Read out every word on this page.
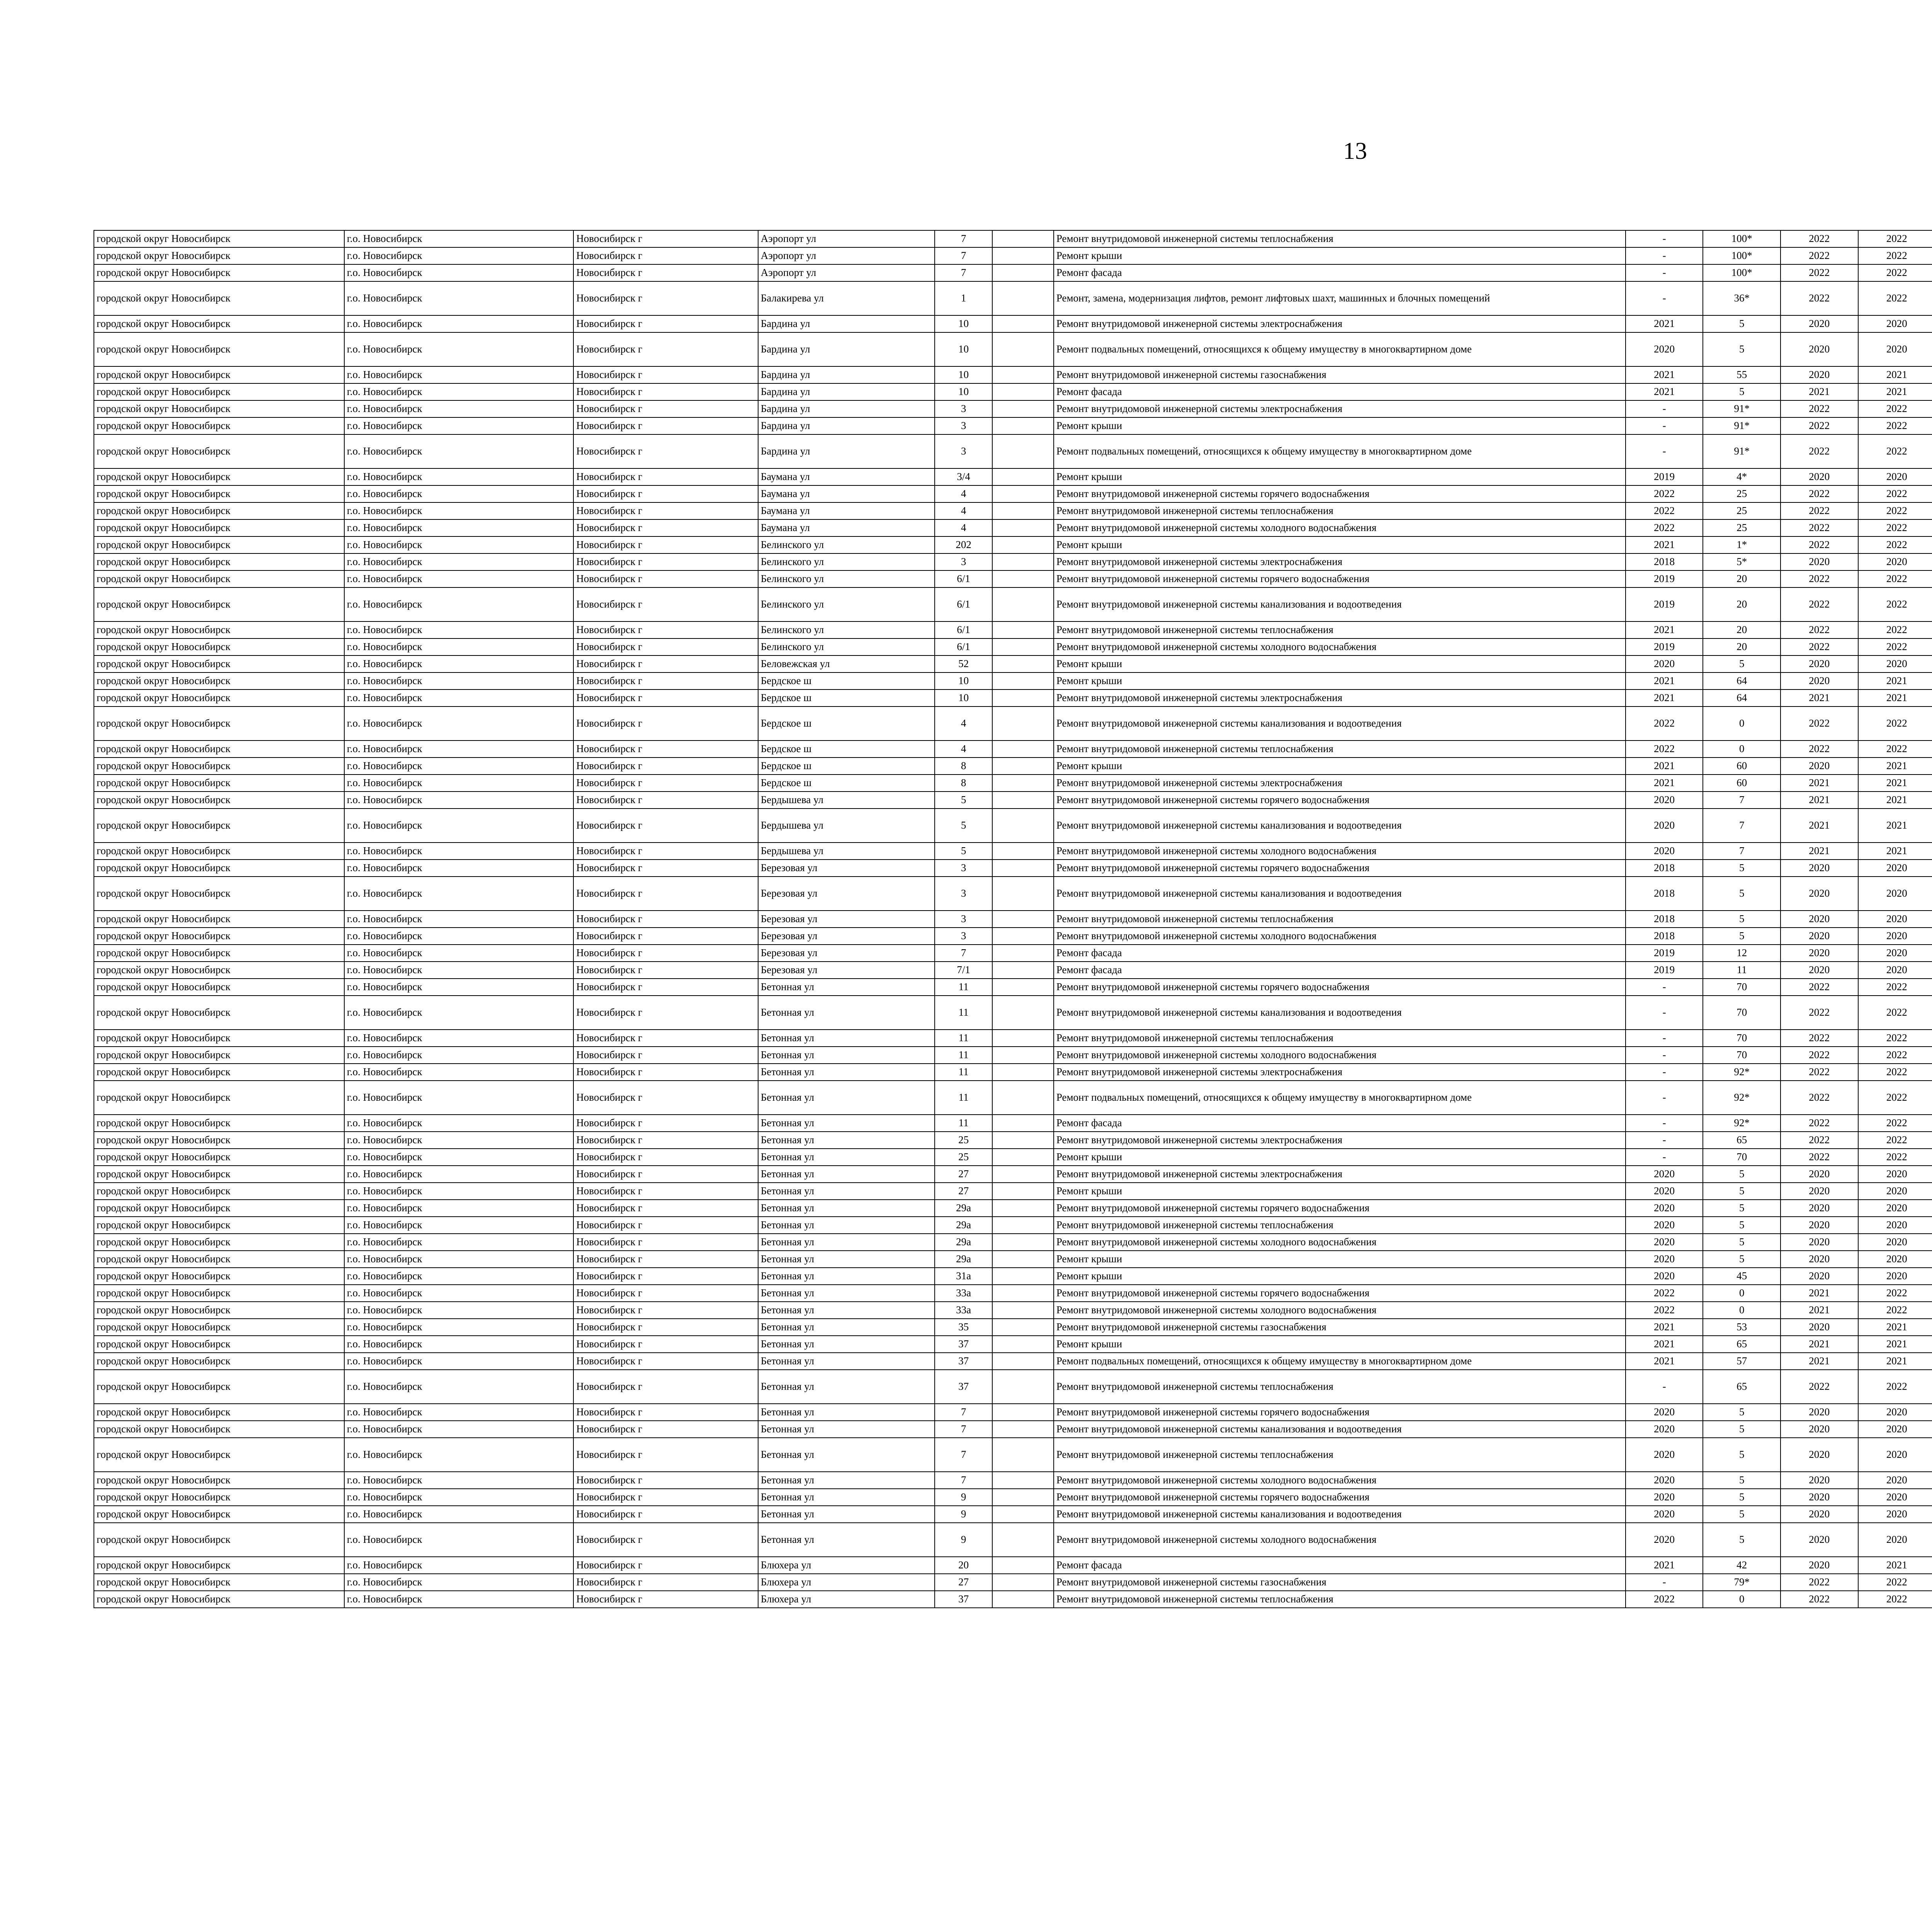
13
городской округ Новосибирск	г.о. Новосибирск	Новосибирск г	Аэропорт ул	7			Ремонт внутридомовой инженерной системы теплоснабжения	-	100*	2022	2022					
городской округ Новосибирск	г.о. Новосибирск	Новосибирск г	Аэропорт ул	7			Ремонт крыши	-	100*	2022	2022					
городской округ Новосибирск	г.о. Новосибирск	Новосибирск г	Аэропорт ул	7			Ремонт фасада	-	100*	2022	2022					
городской округ Новосибирск	г.о. Новосибирск	Новосибирск г	Балакирева ул	1			Ремонт, замена, модернизация лифтов, ремонт лифтовых шахт, машинных и блочных помещений	-	36*	2022	2022					
городской округ Новосибирск	г.о. Новосибирск	Новосибирск г	Бардина ул	10			Ремонт внутридомовой инженерной системы электроснабжения	2021	5	2020	2020					
городской округ Новосибирск	г.о. Новосибирск	Новосибирск г	Бардина ул	10			Ремонт подвальных помещений, относящихся к общему имуществу в многоквартирном доме	2020	5	2020	2020					
городской округ Новосибирск	г.о. Новосибирск	Новосибирск г	Бардина ул	10			Ремонт внутридомовой инженерной системы газоснабжения	2021	55	2020	2021					
городской округ Новосибирск	г.о. Новосибирск	Новосибирск г	Бардина ул	10			Ремонт фасада	2021	5	2021	2021					
городской округ Новосибирск	г.о. Новосибирск	Новосибирск г	Бардина ул	3			Ремонт внутридомовой инженерной системы электроснабжения	-	91*	2022	2022					
городской округ Новосибирск	г.о. Новосибирск	Новосибирск г	Бардина ул	3			Ремонт крыши	-	91*	2022	2022					
городской округ Новосибирск	г.о. Новосибирск	Новосибирск г	Бардина ул	3			Ремонт подвальных помещений, относящихся к общему имуществу в многоквартирном доме	-	91*	2022	2022					
городской округ Новосибирск	г.о. Новосибирск	Новосибирск г	Баумана ул	3/4			Ремонт крыши	2019	4*	2020	2020					
городской округ Новосибирск	г.о. Новосибирск	Новосибирск г	Баумана ул	4			Ремонт внутридомовой инженерной системы горячего водоснабжения	2022	25	2022	2022					
городской округ Новосибирск	г.о. Новосибирск	Новосибирск г	Баумана ул	4			Ремонт внутридомовой инженерной системы теплоснабжения	2022	25	2022	2022					
городской округ Новосибирск	г.о. Новосибирск	Новосибирск г	Баумана ул	4			Ремонт внутридомовой инженерной системы холодного водоснабжения	2022	25	2022	2022					
городской округ Новосибирск	г.о. Новосибирск	Новосибирск г	Белинского ул	202			Ремонт крыши	2021	1*	2022	2022					
городской округ Новосибирск	г.о. Новосибирск	Новосибирск г	Белинского ул	3			Ремонт внутридомовой инженерной системы электроснабжения	2018	5*	2020	2020					
городской округ Новосибирск	г.о. Новосибирск	Новосибирск г	Белинского ул	6/1			Ремонт внутридомовой инженерной системы горячего водоснабжения	2019	20	2022	2022					
городской округ Новосибирск	г.о. Новосибирск	Новосибирск г	Белинского ул	6/1			Ремонт внутридомовой инженерной системы канализования и водоотведения	2019	20	2022	2022					
городской округ Новосибирск	г.о. Новосибирск	Новосибирск г	Белинского ул	6/1			Ремонт внутридомовой инженерной системы теплоснабжения	2021	20	2022	2022					
городской округ Новосибирск	г.о. Новосибирск	Новосибирск г	Белинского ул	6/1			Ремонт внутридомовой инженерной системы холодного водоснабжения	2019	20	2022	2022					
городской округ Новосибирск	г.о. Новосибирск	Новосибирск г	Беловежская ул	52			Ремонт крыши	2020	5	2020	2020					
городской округ Новосибирск	г.о. Новосибирск	Новосибирск г	Бердское ш	10			Ремонт крыши	2021	64	2020	2021					
городской округ Новосибирск	г.о. Новосибирск	Новосибирск г	Бердское ш	10			Ремонт внутридомовой инженерной системы электроснабжения	2021	64	2021	2021					
городской округ Новосибирск	г.о. Новосибирск	Новосибирск г	Бердское ш	4			Ремонт внутридомовой инженерной системы канализования и водоотведения	2022	0	2022	2022					
городской округ Новосибирск	г.о. Новосибирск	Новосибирск г	Бердское ш	4			Ремонт внутридомовой инженерной системы теплоснабжения	2022	0	2022	2022					
городской округ Новосибирск	г.о. Новосибирск	Новосибирск г	Бердское ш	8			Ремонт крыши	2021	60	2020	2021					
городской округ Новосибирск	г.о. Новосибирск	Новосибирск г	Бердское ш	8			Ремонт внутридомовой инженерной системы электроснабжения	2021	60	2021	2021					
городской округ Новосибирск	г.о. Новосибирск	Новосибирск г	Бердышева ул	5			Ремонт внутридомовой инженерной системы горячего водоснабжения	2020	7	2021	2021					
городской округ Новосибирск	г.о. Новосибирск	Новосибирск г	Бердышева ул	5			Ремонт внутридомовой инженерной системы канализования и водоотведения	2020	7	2021	2021					
городской округ Новосибирск	г.о. Новосибирск	Новосибирск г	Бердышева ул	5			Ремонт внутридомовой инженерной системы холодного водоснабжения	2020	7	2021	2021					
городской округ Новосибирск	г.о. Новосибирск	Новосибирск г	Березовая ул	3			Ремонт внутридомовой инженерной системы горячего водоснабжения	2018	5	2020	2020					
городской округ Новосибирск	г.о. Новосибирск	Новосибирск г	Березовая ул	3			Ремонт внутридомовой инженерной системы канализования и водоотведения	2018	5	2020	2020					
городской округ Новосибирск	г.о. Новосибирск	Новосибирск г	Березовая ул	3			Ремонт внутридомовой инженерной системы теплоснабжения	2018	5	2020	2020					
городской округ Новосибирск	г.о. Новосибирск	Новосибирск г	Березовая ул	3			Ремонт внутридомовой инженерной системы холодного водоснабжения	2018	5	2020	2020					
городской округ Новосибирск	г.о. Новосибирск	Новосибирск г	Березовая ул	7			Ремонт фасада	2019	12	2020	2020					
городской округ Новосибирск	г.о. Новосибирск	Новосибирск г	Березовая ул	7/1			Ремонт фасада	2019	11	2020	2020					
городской округ Новосибирск	г.о. Новосибирск	Новосибирск г	Бетонная ул	11			Ремонт внутридомовой инженерной системы горячего водоснабжения	-	70	2022	2022					
городской округ Новосибирск	г.о. Новосибирск	Новосибирск г	Бетонная ул	11			Ремонт внутридомовой инженерной системы канализования и водоотведения	-	70	2022	2022					
городской округ Новосибирск	г.о. Новосибирск	Новосибирск г	Бетонная ул	11			Ремонт внутридомовой инженерной системы теплоснабжения	-	70	2022	2022					
городской округ Новосибирск	г.о. Новосибирск	Новосибирск г	Бетонная ул	11			Ремонт внутридомовой инженерной системы холодного водоснабжения	-	70	2022	2022					
городской округ Новосибирск	г.о. Новосибирск	Новосибирск г	Бетонная ул	11			Ремонт внутридомовой инженерной системы электроснабжения	-	92*	2022	2022					
городской округ Новосибирск	г.о. Новосибирск	Новосибирск г	Бетонная ул	11			Ремонт подвальных помещений, относящихся к общему имуществу в многоквартирном доме	-	92*	2022	2022					
городской округ Новосибирск	г.о. Новосибирск	Новосибирск г	Бетонная ул	11			Ремонт фасада	-	92*	2022	2022					
городской округ Новосибирск	г.о. Новосибирск	Новосибирск г	Бетонная ул	25			Ремонт внутридомовой инженерной системы электроснабжения	-	65	2022	2022					
городской округ Новосибирск	г.о. Новосибирск	Новосибирск г	Бетонная ул	25			Ремонт крыши	-	70	2022	2022					
городской округ Новосибирск	г.о. Новосибирск	Новосибирск г	Бетонная ул	27			Ремонт внутридомовой инженерной системы электроснабжения	2020	5	2020	2020					
городской округ Новосибирск	г.о. Новосибирск	Новосибирск г	Бетонная ул	27			Ремонт крыши	2020	5	2020	2020					
городской округ Новосибирск	г.о. Новосибирск	Новосибирск г	Бетонная ул	29а			Ремонт внутридомовой инженерной системы горячего водоснабжения	2020	5	2020	2020					
городской округ Новосибирск	г.о. Новосибирск	Новосибирск г	Бетонная ул	29а			Ремонт внутридомовой инженерной системы теплоснабжения	2020	5	2020	2020					
городской округ Новосибирск	г.о. Новосибирск	Новосибирск г	Бетонная ул	29а			Ремонт внутридомовой инженерной системы холодного водоснабжения	2020	5	2020	2020					
городской округ Новосибирск	г.о. Новосибирск	Новосибирск г	Бетонная ул	29а			Ремонт крыши	2020	5	2020	2020					
городской округ Новосибирск	г.о. Новосибирск	Новосибирск г	Бетонная ул	31а			Ремонт крыши	2020	45	2020	2020					
городской округ Новосибирск	г.о. Новосибирск	Новосибирск г	Бетонная ул	33а			Ремонт внутридомовой инженерной системы горячего водоснабжения	2022	0	2021	2022					
городской округ Новосибирск	г.о. Новосибирск	Новосибирск г	Бетонная ул	33а			Ремонт внутридомовой инженерной системы холодного водоснабжения	2022	0	2021	2022					
городской округ Новосибирск	г.о. Новосибирск	Новосибирск г	Бетонная ул	35			Ремонт внутридомовой инженерной системы газоснабжения	2021	53	2020	2021					
городской округ Новосибирск	г.о. Новосибирск	Новосибирск г	Бетонная ул	37			Ремонт крыши	2021	65	2021	2021					
городской округ Новосибирск	г.о. Новосибирск	Новосибирск г	Бетонная ул	37			Ремонт подвальных помещений, относящихся к общему имуществу в многоквартирном доме	2021	57	2021	2021					
городской округ Новосибирск	г.о. Новосибирск	Новосибирск г	Бетонная ул	37			Ремонт внутридомовой инженерной системы теплоснабжения	-	65	2022	2022					
городской округ Новосибирск	г.о. Новосибирск	Новосибирск г	Бетонная ул	7			Ремонт внутридомовой инженерной системы горячего водоснабжения	2020	5	2020	2020					
городской округ Новосибирск	г.о. Новосибирск	Новосибирск г	Бетонная ул	7			Ремонт внутридомовой инженерной системы канализования и водоотведения	2020	5	2020	2020					
городской округ Новосибирск	г.о. Новосибирск	Новосибирск г	Бетонная ул	7			Ремонт внутридомовой инженерной системы теплоснабжения	2020	5	2020	2020					
городской округ Новосибирск	г.о. Новосибирск	Новосибирск г	Бетонная ул	7			Ремонт внутридомовой инженерной системы холодного водоснабжения	2020	5	2020	2020					
городской округ Новосибирск	г.о. Новосибирск	Новосибирск г	Бетонная ул	9			Ремонт внутридомовой инженерной системы горячего водоснабжения	2020	5	2020	2020					
городской округ Новосибирск	г.о. Новосибирск	Новосибирск г	Бетонная ул	9			Ремонт внутридомовой инженерной системы канализования и водоотведения	2020	5	2020	2020					
городской округ Новосибирск	г.о. Новосибирск	Новосибирск г	Бетонная ул	9			Ремонт внутридомовой инженерной системы холодного водоснабжения	2020	5	2020	2020					
городской округ Новосибирск	г.о. Новосибирск	Новосибирск г	Блюхера ул	20			Ремонт фасада	2021	42	2020	2021					
городской округ Новосибирск	г.о. Новосибирск	Новосибирск г	Блюхера ул	27			Ремонт внутридомовой инженерной системы газоснабжения	-	79*	2022	2022					
городской округ Новосибирск	г.о. Новосибирск	Новосибирск г	Блюхера ул	37			Ремонт внутридомовой инженерной системы теплоснабжения	2022	0	2022	2022					
